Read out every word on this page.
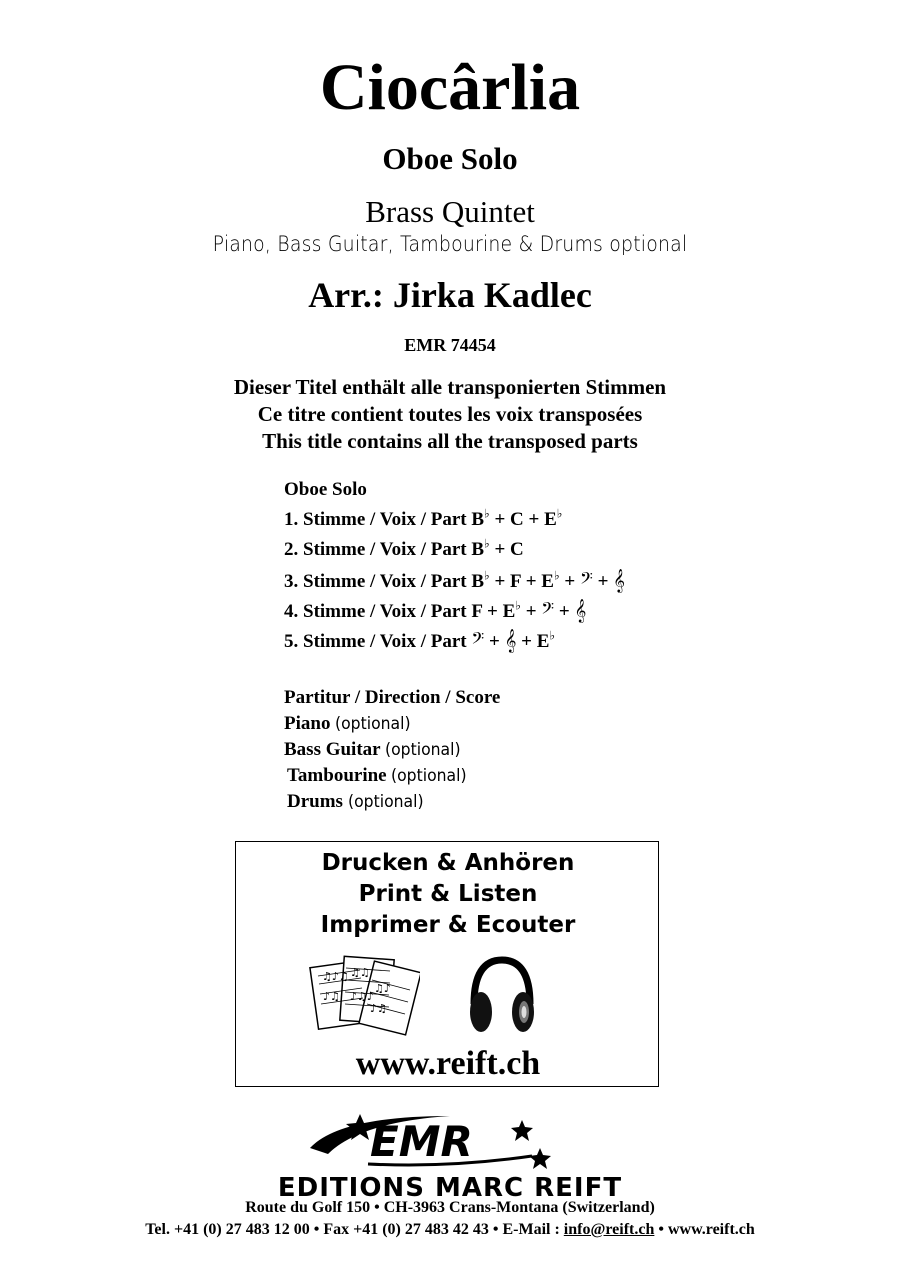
Ciocârlia
Oboe Solo
Brass Quintet
Piano, Bass Guitar, Tambourine & Drums optional
Arr.: Jirka Kadlec
EMR 74454
Dieser Titel enthält alle transponierten Stimmen
Ce titre contient toutes les voix transposées
This title contains all the transposed parts
Oboe Solo
1. Stimme / Voix / Part B♭ + C + E♭
2. Stimme / Voix / Part B♭ + C
3. Stimme / Voix / Part B♭ + F + E♭ + 𝄢 + 𝄞
4. Stimme / Voix / Part F + E♭ + 𝄢 + 𝄞
5. Stimme / Voix / Part 𝄢 + 𝄞 + E♭
Partitur / Direction / Score
Piano (optional)
Bass Guitar (optional)
Tambourine (optional)
Drums (optional)
Drucken & Anhören
Print & Listen
Imprimer & Ecouter
♫♪♫
♪♫
♫♫
♪♫♪
♫♪
♪♫
www.reift.ch
EMR
EDITIONS MARC REIFT
Route du Golf 150 • CH-3963 Crans-Montana (Switzerland)
Tel. +41 (0) 27 483 12 00 • Fax +41 (0) 27 483 42 43 • E-Mail : info@reift.ch • www.reift.ch
